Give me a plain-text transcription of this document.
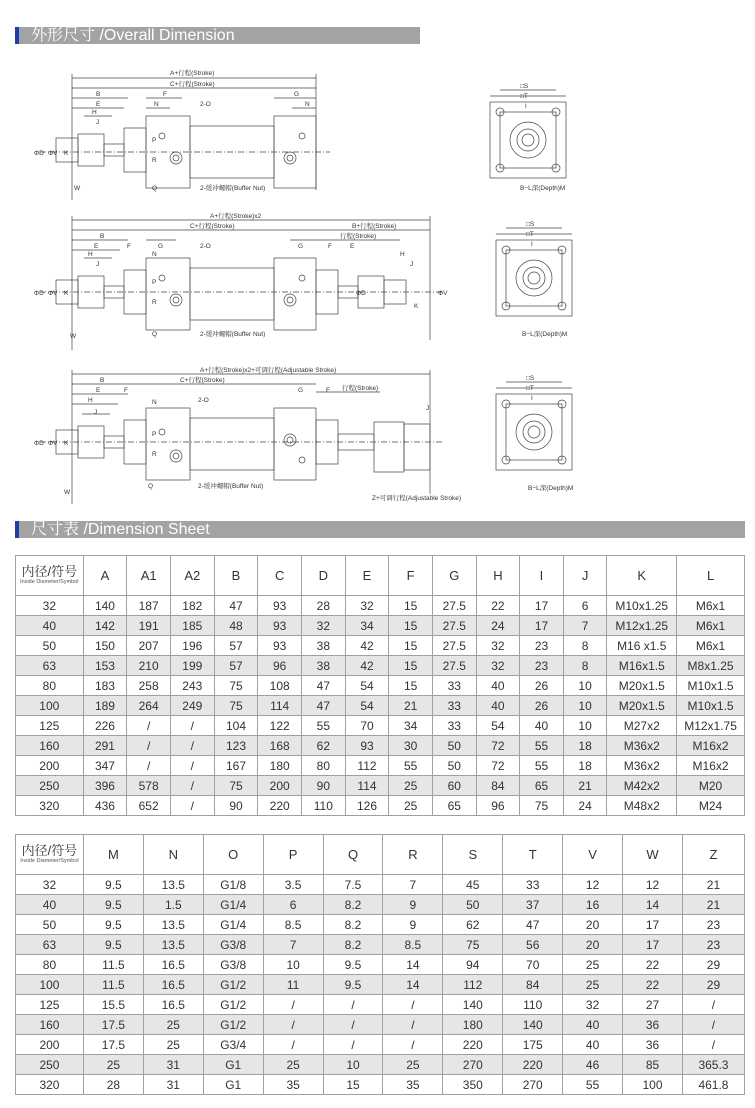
外形尺寸 /Overall Dimension
A+行程(Stroke)
C+行程(Stroke)
B
E
F	G
H
J
N	N
2-O
K
ΦD ΦV
P
R
Q
W	2-缓冲螺帽(Buffer Nut)
□S
□T
I
B−L深(Depth)M
A+行程(Stroke)x2
C+行程(Stroke)	B+行程(Stroke)
行程(Stroke)
B
E	F	G	G	F	E
H
J
N
2-O
K
ΦD ΦV
P
R
Q
W
J
H
K
ΦD	ΦV
2-缓冲螺帽(Buffer Nut)
□S
□T
I
B−L深(Depth)M
A+行程(Stroke)x2+可调行程(Adjustable Stroke)
C+行程(Stroke)
行程(Stroke)
B
E	F	F
G
H
J
J
N	2-O
K
ΦD ΦV
P
R
Q
W
2-缓冲螺帽(Buffer Nut)
Z+可调行程(Adjustable Stroke)
□S
□T
I
B−L深(Depth)M
尺寸表 /Dimension Sheet
内径/符号
Inside Diameter/Symbol	A	A1	A2	B	C	D	E	F	G	H	I	J	K	L
32	140	187	182	47	93	28	32	15	27.5	22	17	6	M10x1.25	M6x1
40	142	191	185	48	93	32	34	15	27.5	24	17	7	M12x1.25	M6x1
50	150	207	196	57	93	38	42	15	27.5	32	23	8	M16 x1.5	M6x1
63	153	210	199	57	96	38	42	15	27.5	32	23	8	M16x1.5	M8x1.25
80	183	258	243	75	108	47	54	15	33	40	26	10	M20x1.5	M10x1.5
100	189	264	249	75	114	47	54	21	33	40	26	10	M20x1.5	M10x1.5
125	226	/	/	104	122	55	70	34	33	54	40	10	M27x2	M12x1.75
160	291	/	/	123	168	62	93	30	50	72	55	18	M36x2	M16x2
200	347	/	/	167	180	80	112	55	50	72	55	18	M36x2	M16x2
250	396	578	/	75	200	90	114	25	60	84	65	21	M42x2	M20
320	436	652	/	90	220	110	126	25	65	96	75	24	M48x2	M24
内径/符号
Inside Diameter/Symbol	M	N	O	P	Q	R	S	T	V	W	Z
32	9.5	13.5	G1/8	3.5	7.5	7	45	33	12	12	21
40	9.5	1.5	G1/4	6	8.2	9	50	37	16	14	21
50	9.5	13.5	G1/4	8.5	8.2	9	62	47	20	17	23
63	9.5	13.5	G3/8	7	8.2	8.5	75	56	20	17	23
80	11.5	16.5	G3/8	10	9.5	14	94	70	25	22	29
100	11.5	16.5	G1/2	11	9.5	14	112	84	25	22	29
125	15.5	16.5	G1/2	/	/	/	140	110	32	27	/
160	17.5	25	G1/2	/	/	/	180	140	40	36	/
200	17.5	25	G3/4	/	/	/	220	175	40	36	/
250	25	31	G1	25	10	25	270	220	46	85	365.3
320	28	31	G1	35	15	35	350	270	55	100	461.8
